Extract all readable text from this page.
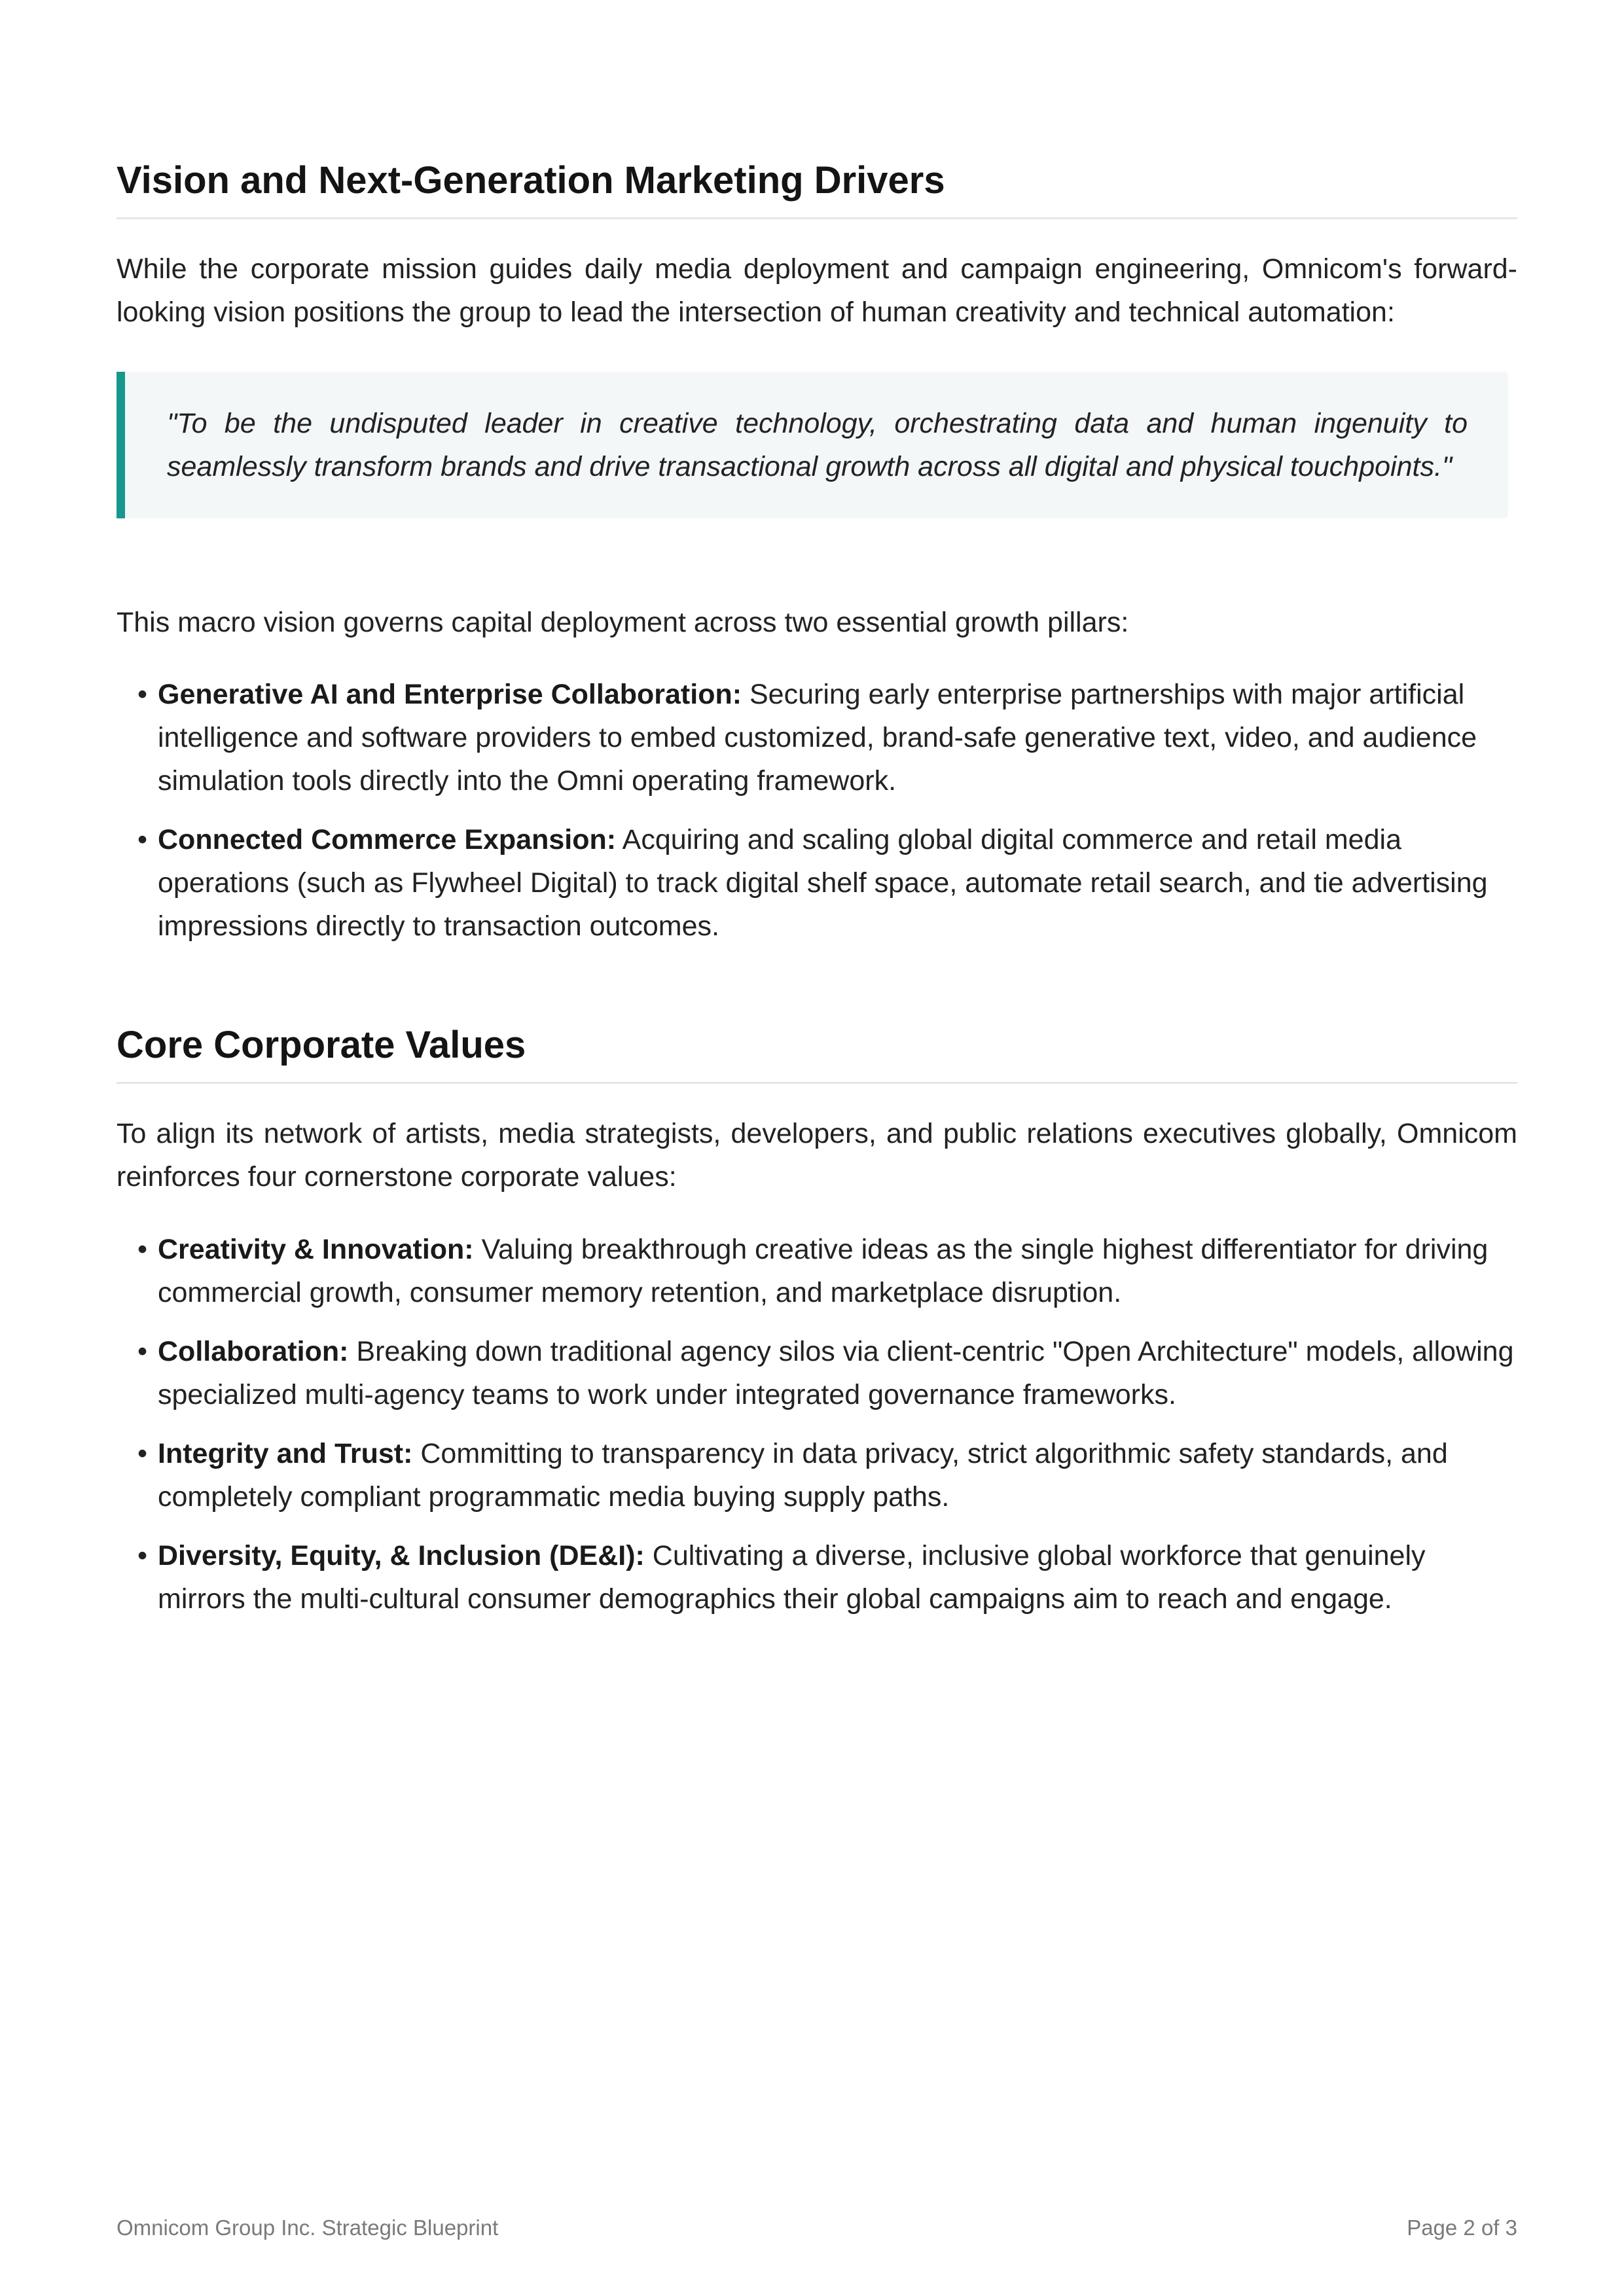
Vision and Next-Generation Marketing Drivers

While the corporate mission guides daily media deployment and campaign engineering, Omnicom's forward-looking vision positions the group to lead the intersection of human creativity and technical automation:

"To be the undisputed leader in creative technology, orchestrating data and human ingenuity to seamlessly transform brands and drive transactional growth across all digital and physical touchpoints."

This macro vision governs capital deployment across two essential growth pillars:

• Generative AI and Enterprise Collaboration: Securing early enterprise partnerships with major artificial intelligence and software providers to embed customized, brand-safe generative text, video, and audience simulation tools directly into the Omni operating framework.
• Connected Commerce Expansion: Acquiring and scaling global digital commerce and retail media operations (such as Flywheel Digital) to track digital shelf space, automate retail search, and tie advertising impressions directly to transaction outcomes.
Core Corporate Values

To align its network of artists, media strategists, developers, and public relations executives globally, Omnicom reinforces four cornerstone corporate values:

• Creativity & Innovation: Valuing breakthrough creative ideas as the single highest differentiator for driving commercial growth, consumer memory retention, and marketplace disruption.
• Collaboration: Breaking down traditional agency silos via client-centric "Open Architecture" models, allowing specialized multi-agency teams to work under integrated governance frameworks.
• Integrity and Trust: Committing to transparency in data privacy, strict algorithmic safety standards, and completely compliant programmatic media buying supply paths.
• Diversity, Equity, & Inclusion (DE&I): Cultivating a diverse, inclusive global workforce that genuinely mirrors the multi-cultural consumer demographics their global campaigns aim to reach and engage.
Omnicom Group Inc. Strategic Blueprint	Page 2 of 3
